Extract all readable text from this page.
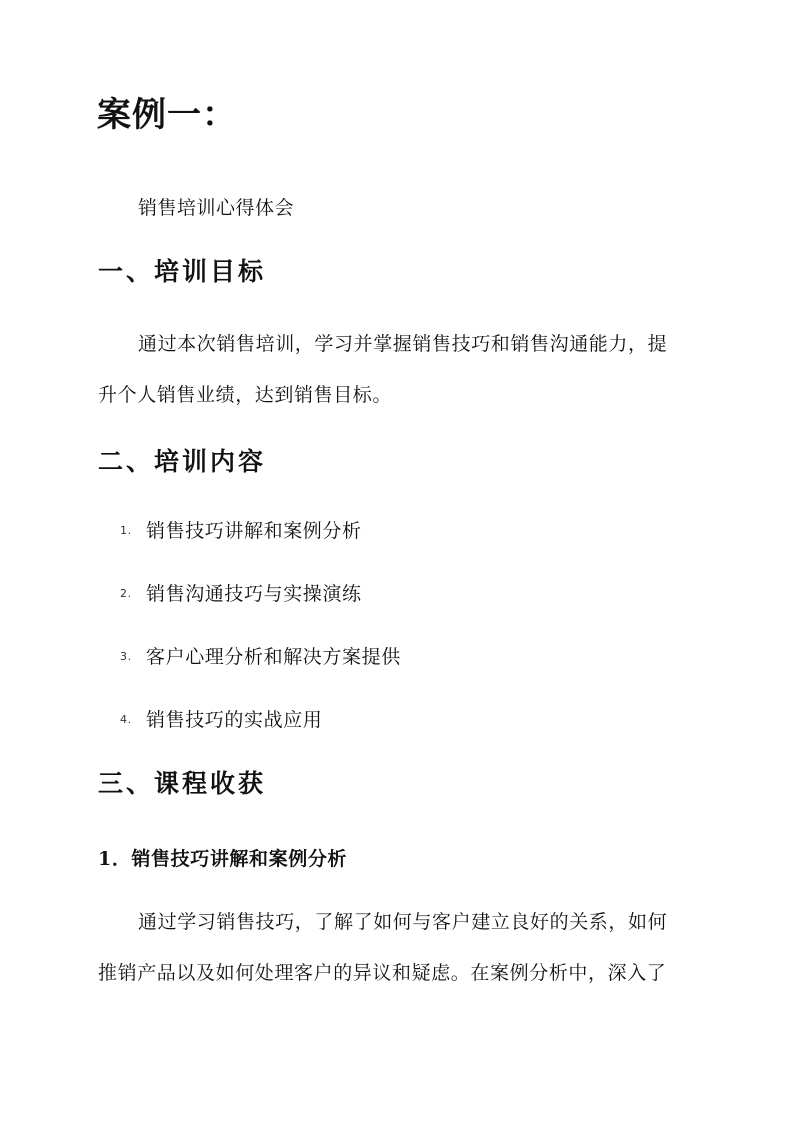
案例一：
销售培训心得体会
一、培训目标

通过本次销售培训，学习并掌握销售技巧和销售沟通能力，提

升个人销售业绩，达到销售目标。

二、培训内容
1. 销售技巧讲解和案例分析
2. 销售沟通技巧与实操演练
3. 客户心理分析和解决方案提供
4. 销售技巧的实战应用
三、课程收获
1．销售技巧讲解和案例分析

通过学习销售技巧，了解了如何与客户建立良好的关系，如何

推销产品以及如何处理客户的异议和疑虑。在案例分析中，深入了
